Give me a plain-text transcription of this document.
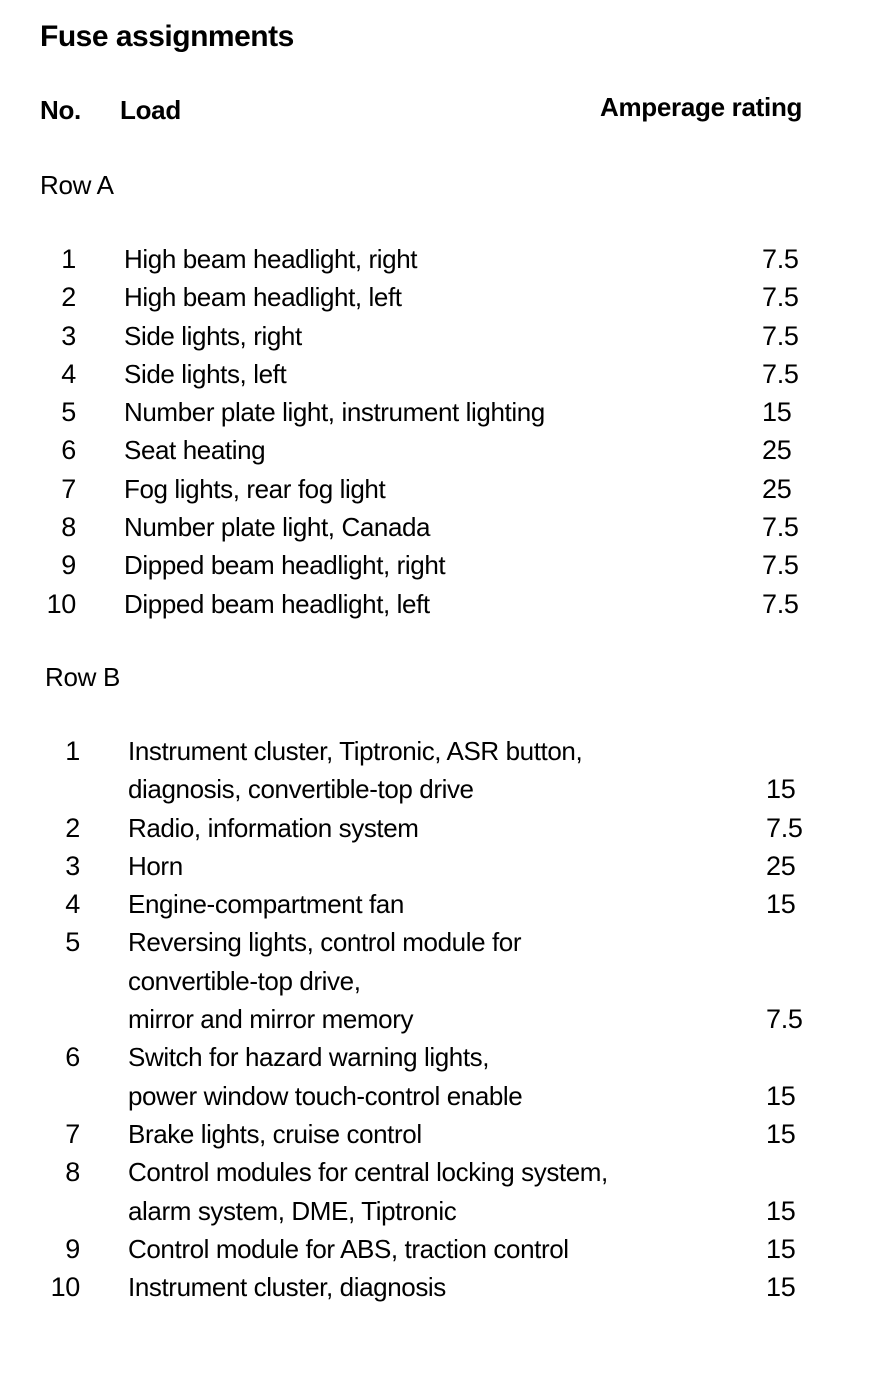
Fuse assignments
No. Load	Amperage rating
Row A
1 High beam headlight, right	7.5
2 High beam headlight, left	7.5
3 Side lights, right	7.5
4 Side lights, left	7.5
5 Number plate light, instrument lighting	15
6 Seat heating	25
7 Fog lights, rear fog light	25
8 Number plate light, Canada	7.5
9 Dipped beam headlight, right	7.5
10 Dipped beam headlight, left	7.5
Row B
1 Instrument cluster, Tiptronic, ASR button,
diagnosis, convertible-top drive	15
2 Radio, information system	7.5
3 Horn	25
4 Engine-compartment fan	15
5 Reversing lights, control module for
convertible-top drive,
mirror and mirror memory	7.5
6 Switch for hazard warning lights,
power window touch-control enable	15
7 Brake lights, cruise control	15
8 Control modules for central locking system,
alarm system, DME, Tiptronic	15
9 Control module for ABS, traction control	15
10 Instrument cluster, diagnosis	15
